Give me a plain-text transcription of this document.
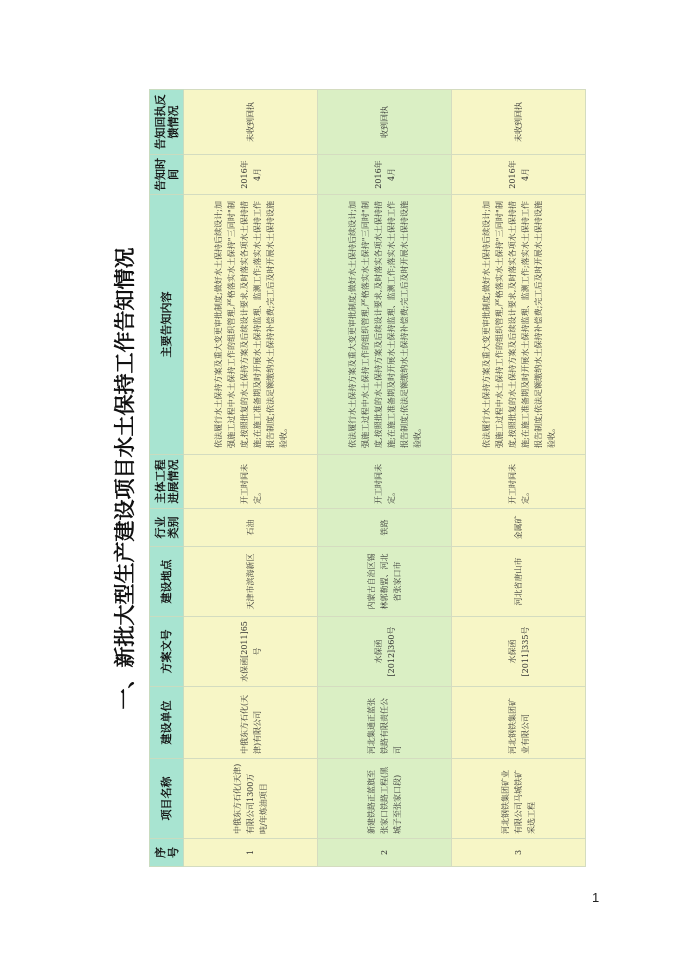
一、新批大型生产建设项目水土保持工作告知情况
序号	项目名称	建设单位	方案文号	建设地点	行业类别	主体工程进展情况	主要告知内容	告知时间	告知回执反馈情况
1	中俄东方石化(天津)有限公司1300万吨/年炼油项目	中俄东方石化(天津)有限公司	水保函[2011]65号	天津市滨海新区	石油	开工时间未定。	依法履行水土保持方案及重大变更审批制度;做好水土保持后续设计;加强施工过程中水土保持工作的组织管理,严格落实水土保持"三同时"制度,按照批复的水土保持方案及后续设计要求,及时落实各项水土保持措施;在施工准备期及时开展水土保持监理、监测工作;落实水土保持工作报告制度;依法足额缴纳水土保持补偿费;完工后及时开展水土保持设施验收。	2016年4月	未收到回执
2	新建铁路正蓝旗至张家口铁路工程(黑城子至张家口段)	河北集通正蓝张铁路有限责任公司	水保函[2012]360号	内蒙古自治区锡林郭勒盟、河北省张家口市	铁路	开工时间未定。	依法履行水土保持方案及重大变更审批制度;做好水土保持后续设计;加强施工过程中水土保持工作的组织管理,严格落实水土保持"三同时"制度,按照批复的水土保持方案及后续设计要求,及时落实各项水土保持措施;在施工准备期及时开展水土保持监理、监测工作;落实水土保持工作报告制度;依法足额缴纳水土保持补偿费;完工后及时开展水土保持设施验收。	2016年4月	收到回执
3	河北钢铁集团矿业有限公司马城铁矿采选工程	河北钢铁集团矿业有限公司	水保函[2011]335号	河北省唐山市	金属矿	开工时间未定。	依法履行水土保持方案及重大变更审批制度;做好水土保持后续设计;加强施工过程中水土保持工作的组织管理,严格落实水土保持"三同时"制度,按照批复的水土保持方案及后续设计要求,及时落实各项水土保持措施;在施工准备期及时开展水土保持监理、监测工作;落实水土保持工作报告制度;依法足额缴纳水土保持补偿费;完工后及时开展水土保持设施验收。	2016年4月	未收到回执
1
